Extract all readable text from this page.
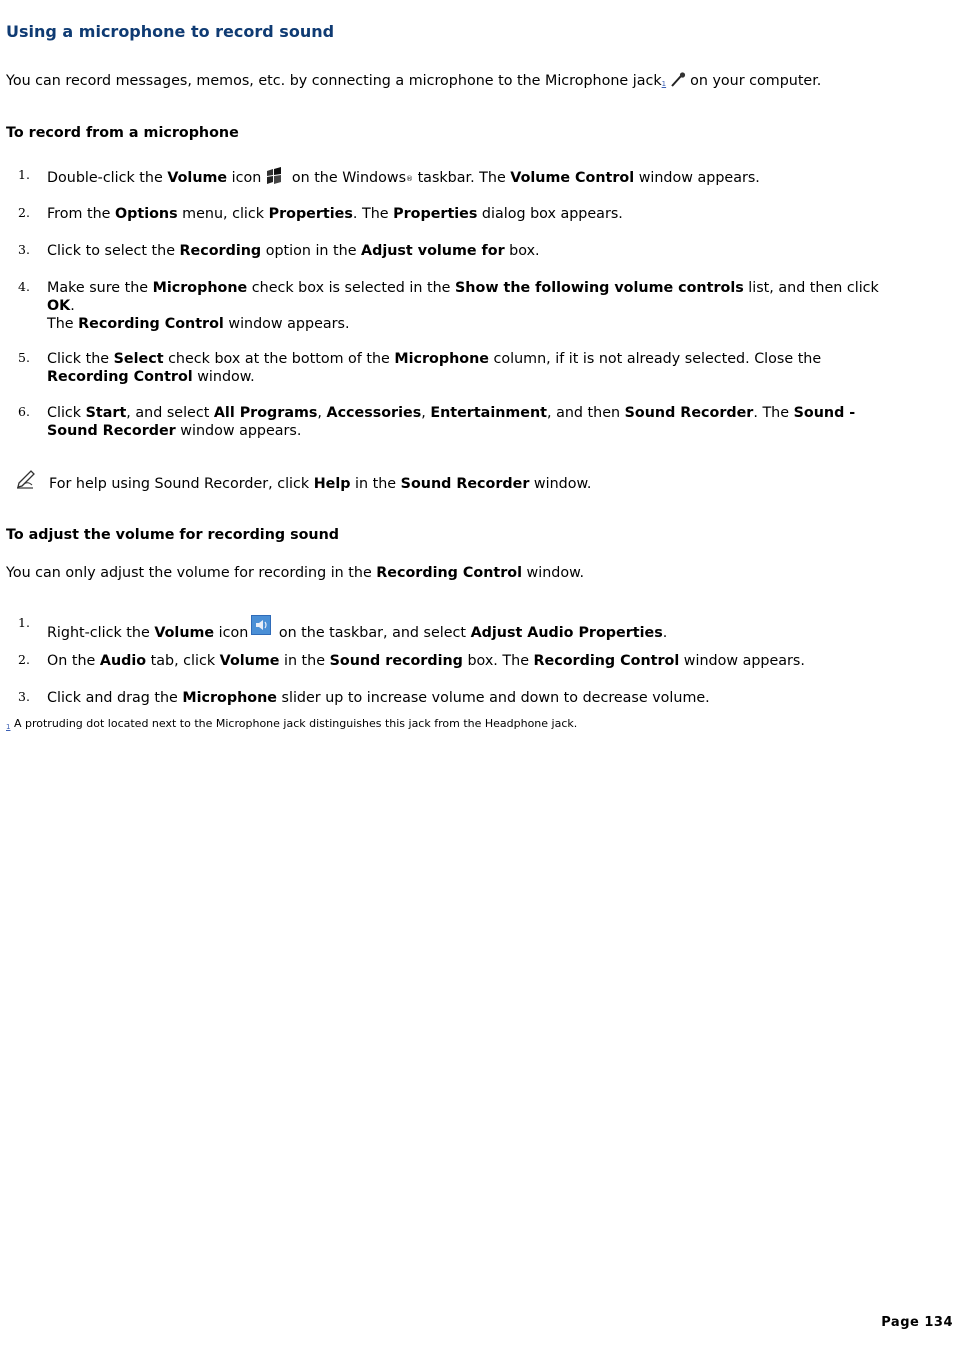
Using a microphone to record sound

You can record messages, memos, etc. by connecting a microphone to the Microphone jack$^1$ on your computer.

To record from a microphone
1.	Double-click the Volume icon on the Windows® taskbar. The Volume Control window appears.
2.	From the Options menu, click Properties. The Properties dialog box appears.
3.	Click to select the Recording option in the Adjust volume for box.
4.	Make sure the Microphone check box is selected in the Show the following volume controls list, and then click OK.
The Recording Control window appears.
5.	Click the Select check box at the bottom of the Microphone column, if it is not already selected. Close the Recording Control window.
6.	Click Start, and select All Programs, Accessories, Entertainment, and then Sound Recorder. The Sound - Sound Recorder window appears.
For help using Sound Recorder, click Help in the Sound Recorder window.
To adjust the volume for recording sound

You can only adjust the volume for recording in the Recording Control window.

1.
Right-click the Volume icon on the taskbar, and select Adjust Audio Properties.
2.	On the Audio tab, click Volume in the Sound recording box. The Recording Control window appears.
3.	Click and drag the Microphone slider up to increase volume and down to decrease volume.
$^1$ A protruding dot located next to the Microphone jack distinguishes this jack from the Headphone jack.
Page 134
